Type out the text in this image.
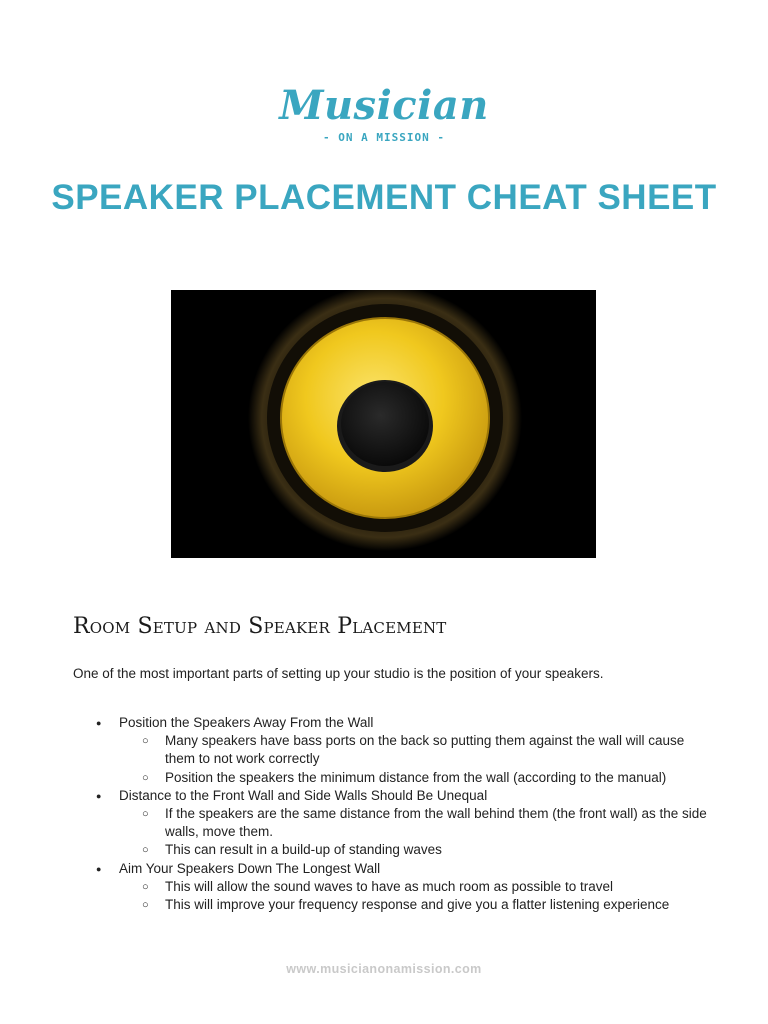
Musician
- ON A MISSION -
SPEAKER PLACEMENT CHEAT SHEET
Room Setup and Speaker Placement

One of the most important parts of setting up your studio is the position of your speakers.

● Position the Speakers Away From the Wall
○ Many speakers have bass ports on the back so putting them against the wall will cause them to not work correctly
○ Position the speakers the minimum distance from the wall (according to the manual)
● Distance to the Front Wall and Side Walls Should Be Unequal
○ If the speakers are the same distance from the wall behind them (the front wall) as the side walls, move them.
○ This can result in a build-up of standing waves
● Aim Your Speakers Down The Longest Wall
○ This will allow the sound waves to have as much room as possible to travel
○ This will improve your frequency response and give you a flatter listening experience
www.musicianonamission.com
